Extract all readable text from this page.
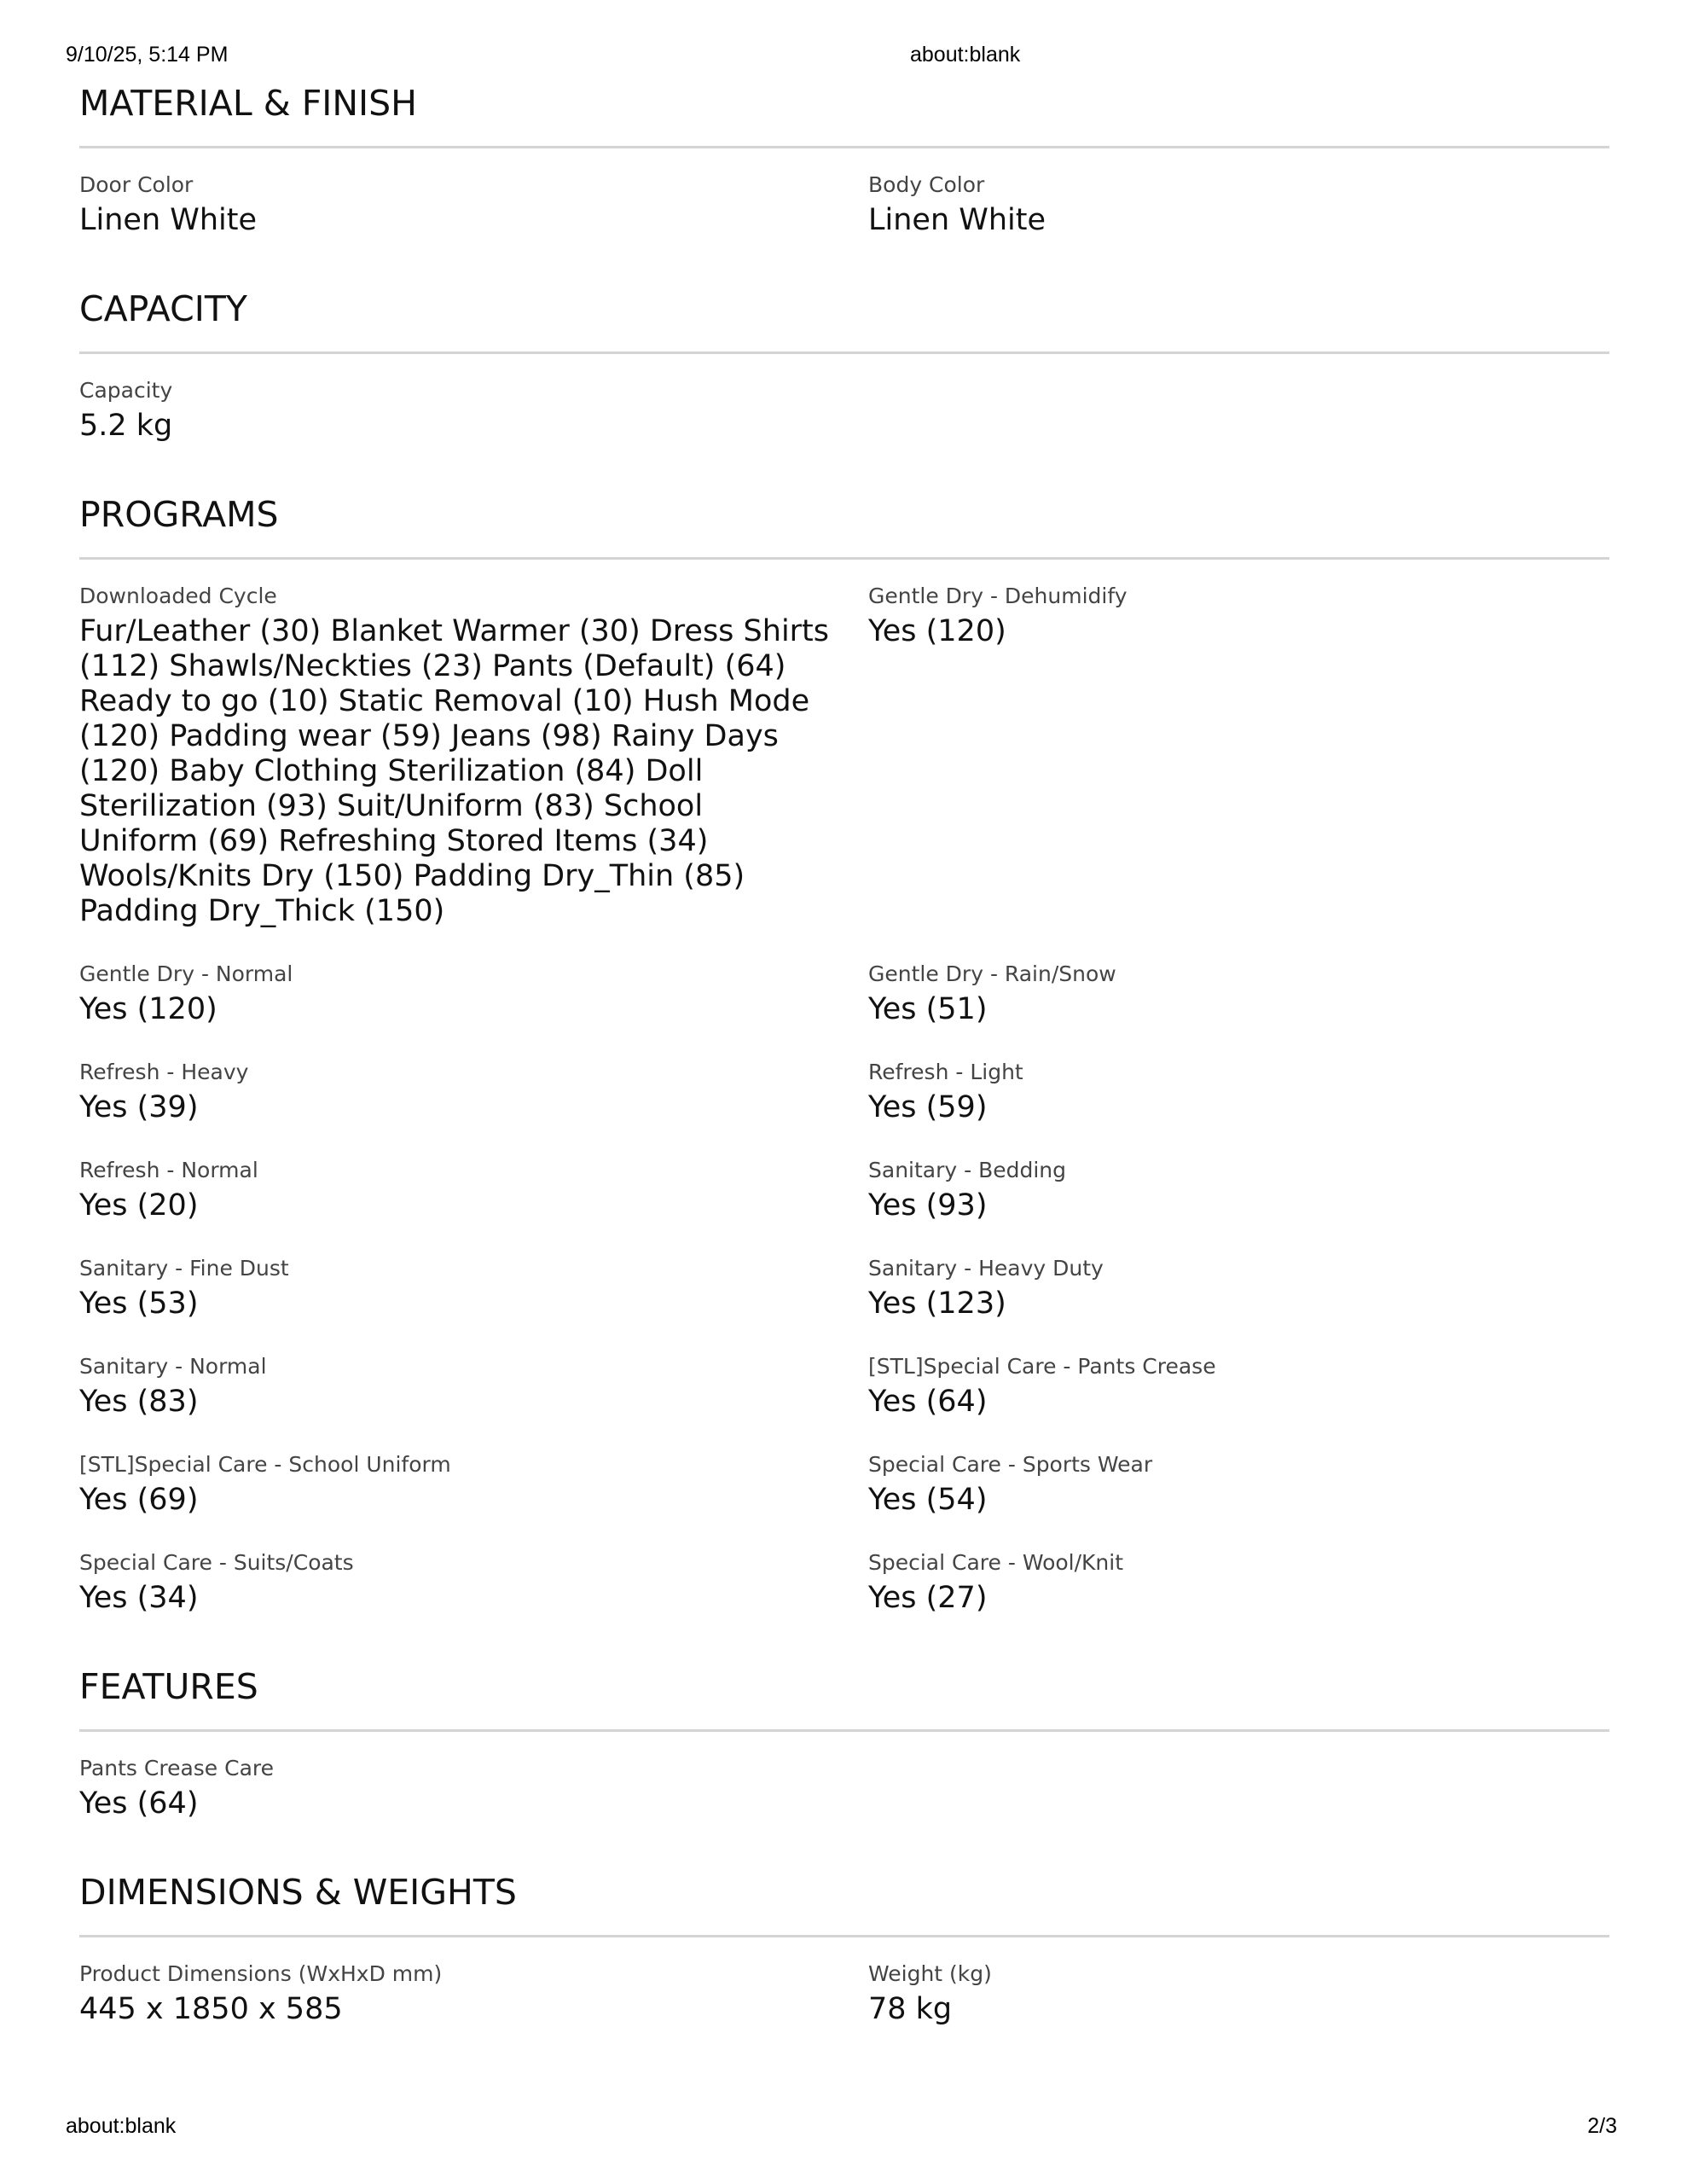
9/10/25, 5:14 PM	about:blank
MATERIAL & FINISH
Door Color
Linen White
Body Color
Linen White
CAPACITY
Capacity
5.2 kg
PROGRAMS
Downloaded Cycle
Fur/Leather (30) Blanket Warmer (30) Dress Shirts (112) Shawls/Neckties (23) Pants (Default) (64) Ready to go (10) Static Removal (10) Hush Mode (120) Padding wear (59) Jeans (98) Rainy Days (120) Baby Clothing Sterilization (84) Doll Sterilization (93) Suit/Uniform (83) School Uniform (69) Refreshing Stored Items (34) Wools/Knits Dry (150) Padding Dry_Thin (85) Padding Dry_Thick (150)
Gentle Dry - Dehumidify
Yes (120)
Gentle Dry - Normal
Yes (120)
Gentle Dry - Rain/Snow
Yes (51)
Refresh - Heavy
Yes (39)
Refresh - Light
Yes (59)
Refresh - Normal
Yes (20)
Sanitary - Bedding
Yes (93)
Sanitary - Fine Dust
Yes (53)
Sanitary - Heavy Duty
Yes (123)
Sanitary - Normal
Yes (83)
[STL]Special Care - Pants Crease
Yes (64)
[STL]Special Care - School Uniform
Yes (69)
Special Care - Sports Wear
Yes (54)
Special Care - Suits/Coats
Yes (34)
Special Care - Wool/Knit
Yes (27)
FEATURES
Pants Crease Care
Yes (64)
DIMENSIONS & WEIGHTS
Product Dimensions (WxHxD mm)
445 x 1850 x 585
Weight (kg)
78 kg
about:blank	2/3
